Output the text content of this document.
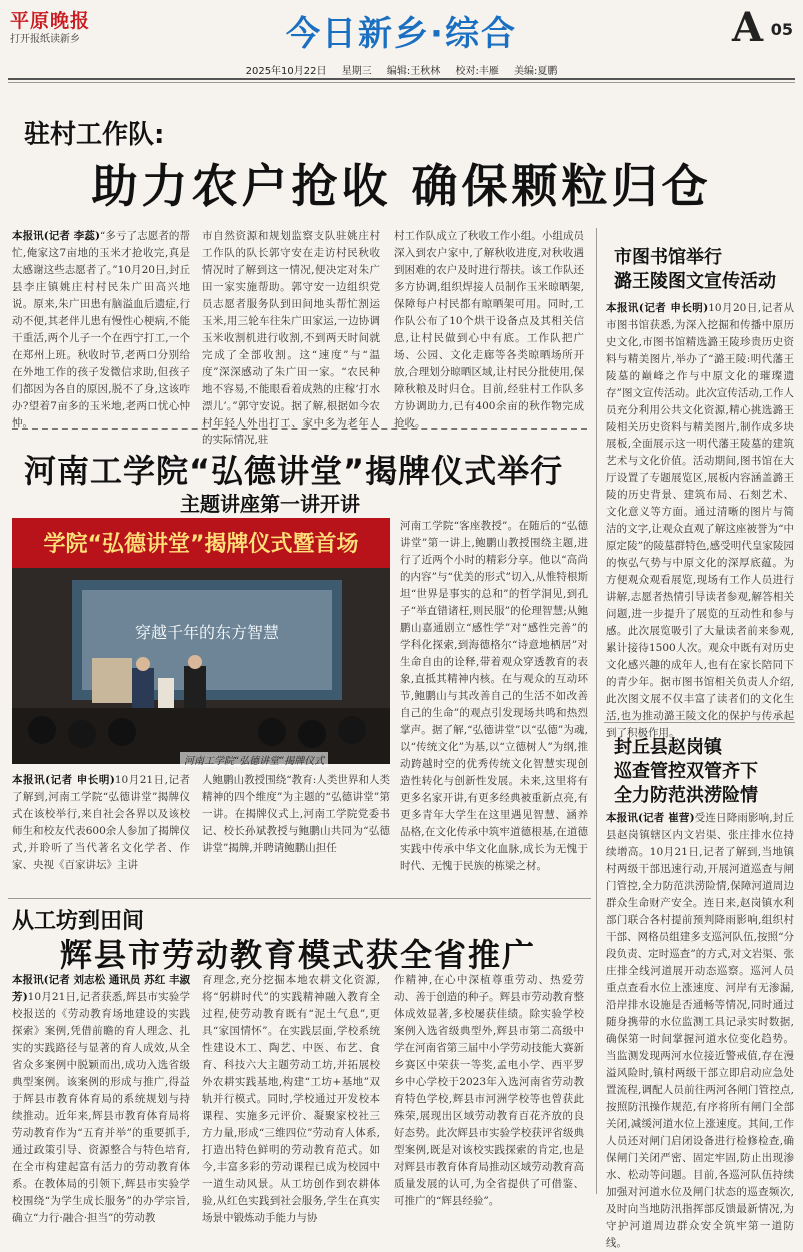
平原晚报
打开报纸读新乡	今日新乡·综合	A 05
2025年10月22日 星期三 编辑:王秋林 校对:丰雁 美编:夏鹏
驻村工作队:
助力农户抢收 确保颗粒归仓
本报讯(记者 李蕊)“多亏了志愿者的帮忙,俺家这7亩地的玉米才抢收完,真是太感谢这些志愿者了。”10月20日,封丘县李庄镇姚庄村村民朱广田高兴地说。原来,朱广田患有脑溢血后遗症,行动不便,其老伴儿患有慢性心梗病,不能干重活,两个儿子一个在西宁打工,一个在郑州上班。秋收时节,老两口分别给在外地工作的孩子发微信求助,但孩子们都因为各自的原因,脱不了身,这该咋办?望着7亩多的玉米地,老两口忧心忡忡。
市自然资源和规划监察支队驻姚庄村工作队的队长郭守安在走访村民秋收情况时了解到这一情况,便决定对朱广田一家实施帮助。郭守安一边组织党员志愿者服务队到田间地头帮忙割运玉米,用三轮车往朱广田家运,一边协调玉米收割机进行收割,不到两天时间就完成了全部收割。这“速度”与“温度”深深感动了朱广田一家。“农民种地不容易,不能眼看着成熟的庄稼‘打水漂儿’。”郭守安说。据了解,根据如今农村年轻人外出打工、家中多为老年人的实际情况,驻
村工作队成立了秋收工作小组。小组成员深入到农户家中,了解秋收进度,对秋收遇到困难的农户及时进行帮扶。该工作队还多方协调,组织焊接人员制作玉米晾晒架,保障每户村民都有晾晒架可用。同时,工作队公布了10个烘干设备点及其相关信息,让村民做到心中有底。工作队把广场、公园、文化走廊等各类晾晒场所开放,合理划分晾晒区域,让村民分批使用,保障秋粮及时归仓。目前,经驻村工作队多方协调助力,已有400余亩的秋作物完成抢收。
河南工学院“弘德讲堂”揭牌仪式举行
主题讲座第一讲开讲
学院“弘德讲堂”揭牌仪式暨首场
穿越千年的东方智慧
河南工学院“弘德讲堂”揭牌仪式
本报讯(记者 申长明)10月21日,记者了解到,河南工学院“弘德讲堂”揭牌仪式在该校举行,来自社会各界以及该校师生和校友代表600余人参加了揭牌仪式,并聆听了当代著名文化学者、作家、央视《百家讲坛》主讲
人鲍鹏山教授围绕“教育:人类世界和人类精神的四个维度”为主题的“弘德讲堂”第一讲。在揭牌仪式上,河南工学院党委书记、校长孙斌教授与鲍鹏山共同为“弘德讲堂”揭牌,并聘请鲍鹏山担任
河南工学院“客座教授”。在随后的“弘德讲堂”第一讲上,鲍鹏山教授围绕主题,进行了近两个小时的精彩分享。他以“高尚的内容”与“优美的形式”切入,从惟特根斯坦“世界是事实的总和”的哲学洞见,到孔子“举直错诸枉,则民服”的伦理智慧;从鲍鹏山嘉通剧立“感性学”对“感性完善”的学科化探索,到海德格尔“诗意地栖居”对生命自由的诠释,带着观众穿透教育的表象,直抵其精神内核。在与观众的互动环节,鲍鹏山与其改善自己的生活不如改善自己的生命”的观点引发现场共鸣和热烈掌声。据了解,“弘德讲堂”以“弘德”为魂,以“传统文化”为基,以“立德树人”为纲,推动跨越时空的优秀传统文化智慧实现创造性转化与创新性发展。未来,这里将有更多名家开讲,有更多经典被重新点亮,有更多青年大学生在这里遇见智慧、涵养品格,在文化传承中筑牢道德根基,在道德实践中传承中华文化血脉,成长为无愧于时代、无愧于民族的栋梁之材。
从工坊到田间
辉县市劳动教育模式获全省推广
本报讯(记者 刘志松 通讯员 苏红 丰淑芳)10月21日,记者获悉,辉县市实验学校报送的《劳动教育场地建设的实践探索》案例,凭借前瞻的育人理念、扎实的实践路径与显著的育人成效,从全省众多案例中脱颖而出,成功入选省级典型案例。该案例的形成与推广,得益于辉县市教育体育局的系统规划与持续推动。近年来,辉县市教育体育局将劳动教育作为“五育并举”的重要抓手,通过政策引导、资源整合与特色培育,在全市构建起富有活力的劳动教育体系。在教体局的引领下,辉县市实验学校围绕“为学生成长服务”的办学宗旨,确立“力行·融合·担当”的劳动教
育理念,充分挖掘本地农耕文化资源,将“躬耕时代”的实践精神融入教育全过程,使劳动教育既有“泥土气息”,更具“家国情怀”。在实践层面,学校系统性建设木工、陶艺、中医、布艺、食育、科技六大主题劳动工坊,并拓展校外农耕实践基地,构建“工坊+基地”双轨并行模式。同时,学校通过开发校本课程、实施多元评价、凝聚家校社三方力量,形成“三维四位”劳动育人体系,打造出特色鲜明的劳动教育范式。如今,丰富多彩的劳动课程已成为校园中一道生动风景。从工坊创作到农耕体验,从红色实践到社会服务,学生在真实场景中锻炼动手能力与协
作精神,在心中深植尊重劳动、热爱劳动、善于创造的种子。辉县市劳动教育整体成效显著,多校屡获佳绩。除实验学校案例入选省级典型外,辉县市第二高级中学在河南省第三届中小学劳动技能大赛新乡赛区中荣获一等奖,孟电小学、西平罗乡中心学校于2023年入选河南省劳动教育特色学校,辉县市河洲学校等也曾获此殊荣,展现出区域劳动教育百花齐放的良好态势。此次辉县市实验学校获评省级典型案例,既是对该校实践探索的肯定,也是对辉县市教育体育局推动区域劳动教育高质量发展的认可,为全省提供了可借鉴、可推广的“辉县经验”。
市图书馆举行
潞王陵图文宣传活动
本报讯(记者 申长明)10月20日,记者从市图书馆获悉,为深入挖掘和传播中原历史文化,市图书馆精选潞王陵珍贵历史资料与精美图片,举办了“潞王陵:明代藩王陵墓的巅峰之作与中原文化的璀璨遗存”图文宣传活动。此次宣传活动,工作人员充分利用公共文化资源,精心挑选潞王陵相关历史资料与精美图片,制作成多块展板,全面展示这一明代藩王陵墓的建筑艺术与文化价值。活动期间,图书馆在大厅设置了专题展览区,展板内容涵盖潞王陵的历史背景、建筑布局、石刻艺术、文化意义等方面。通过清晰的图片与简洁的文字,让观众直观了解这座被誉为“中原定陵”的陵墓群特色,感受明代皇家陵园的恢弘气势与中原文化的深厚底蕴。为方便观众观看展览,现场有工作人员进行讲解,志愿者热情引导读者参观,解答相关问题,进一步提升了展览的互动性和参与感。此次展览吸引了大量读者前来参观,累计接待1500人次。观众中既有对历史文化感兴趣的成年人,也有在家长陪同下的青少年。据市图书馆相关负责人介绍,此次图文展不仅丰富了读者们的文化生活,也为推动潞王陵文化的保护与传承起到了积极作用。
封丘县赵岗镇
巡查管控双管齐下
全力防范洪涝险情
本报讯(记者 崔营)受连日降雨影响,封丘县赵岗镇辖区内文岩渠、张庄排水位持续增高。10月21日,记者了解到,当地镇村两级干部迅速行动,开展河道巡查与闸门管控,全力防范洪涝险情,保障河道周边群众生命财产安全。连日来,赵岗镇水利部门联合各村提前预判降雨影响,组织村干部、网格员组建多支巡河队伍,按照“分段负责、定时巡查”的方式,对文岩渠、张庄排全线河道展开动态巡察。巡河人员重点查看水位上涨速度、河岸有无渗漏,沿岸排水设施是否通畅等情况,同时通过随身携带的水位监测工具记录实时数据,确保第一时间掌握河道水位变化趋势。当监测发现两河水位接近警戒值,存在漫溢风险时,镇村两级干部立即启动应急处置流程,调配人员前往两河各闸门管控点,按照防汛操作规范,有序将所有闸门全部关闭,减缓河道水位上涨速度。其间,工作人员还对闸门启闭设备进行检修检查,确保闸门关闭严密、固定牢固,防止出现渗水、松动等问题。目前,各巡河队伍持续加强对河道水位及闸门状态的巡查频次,及时向当地防汛指挥部反馈最新情况,为守护河道周边群众安全筑牢第一道防线。
